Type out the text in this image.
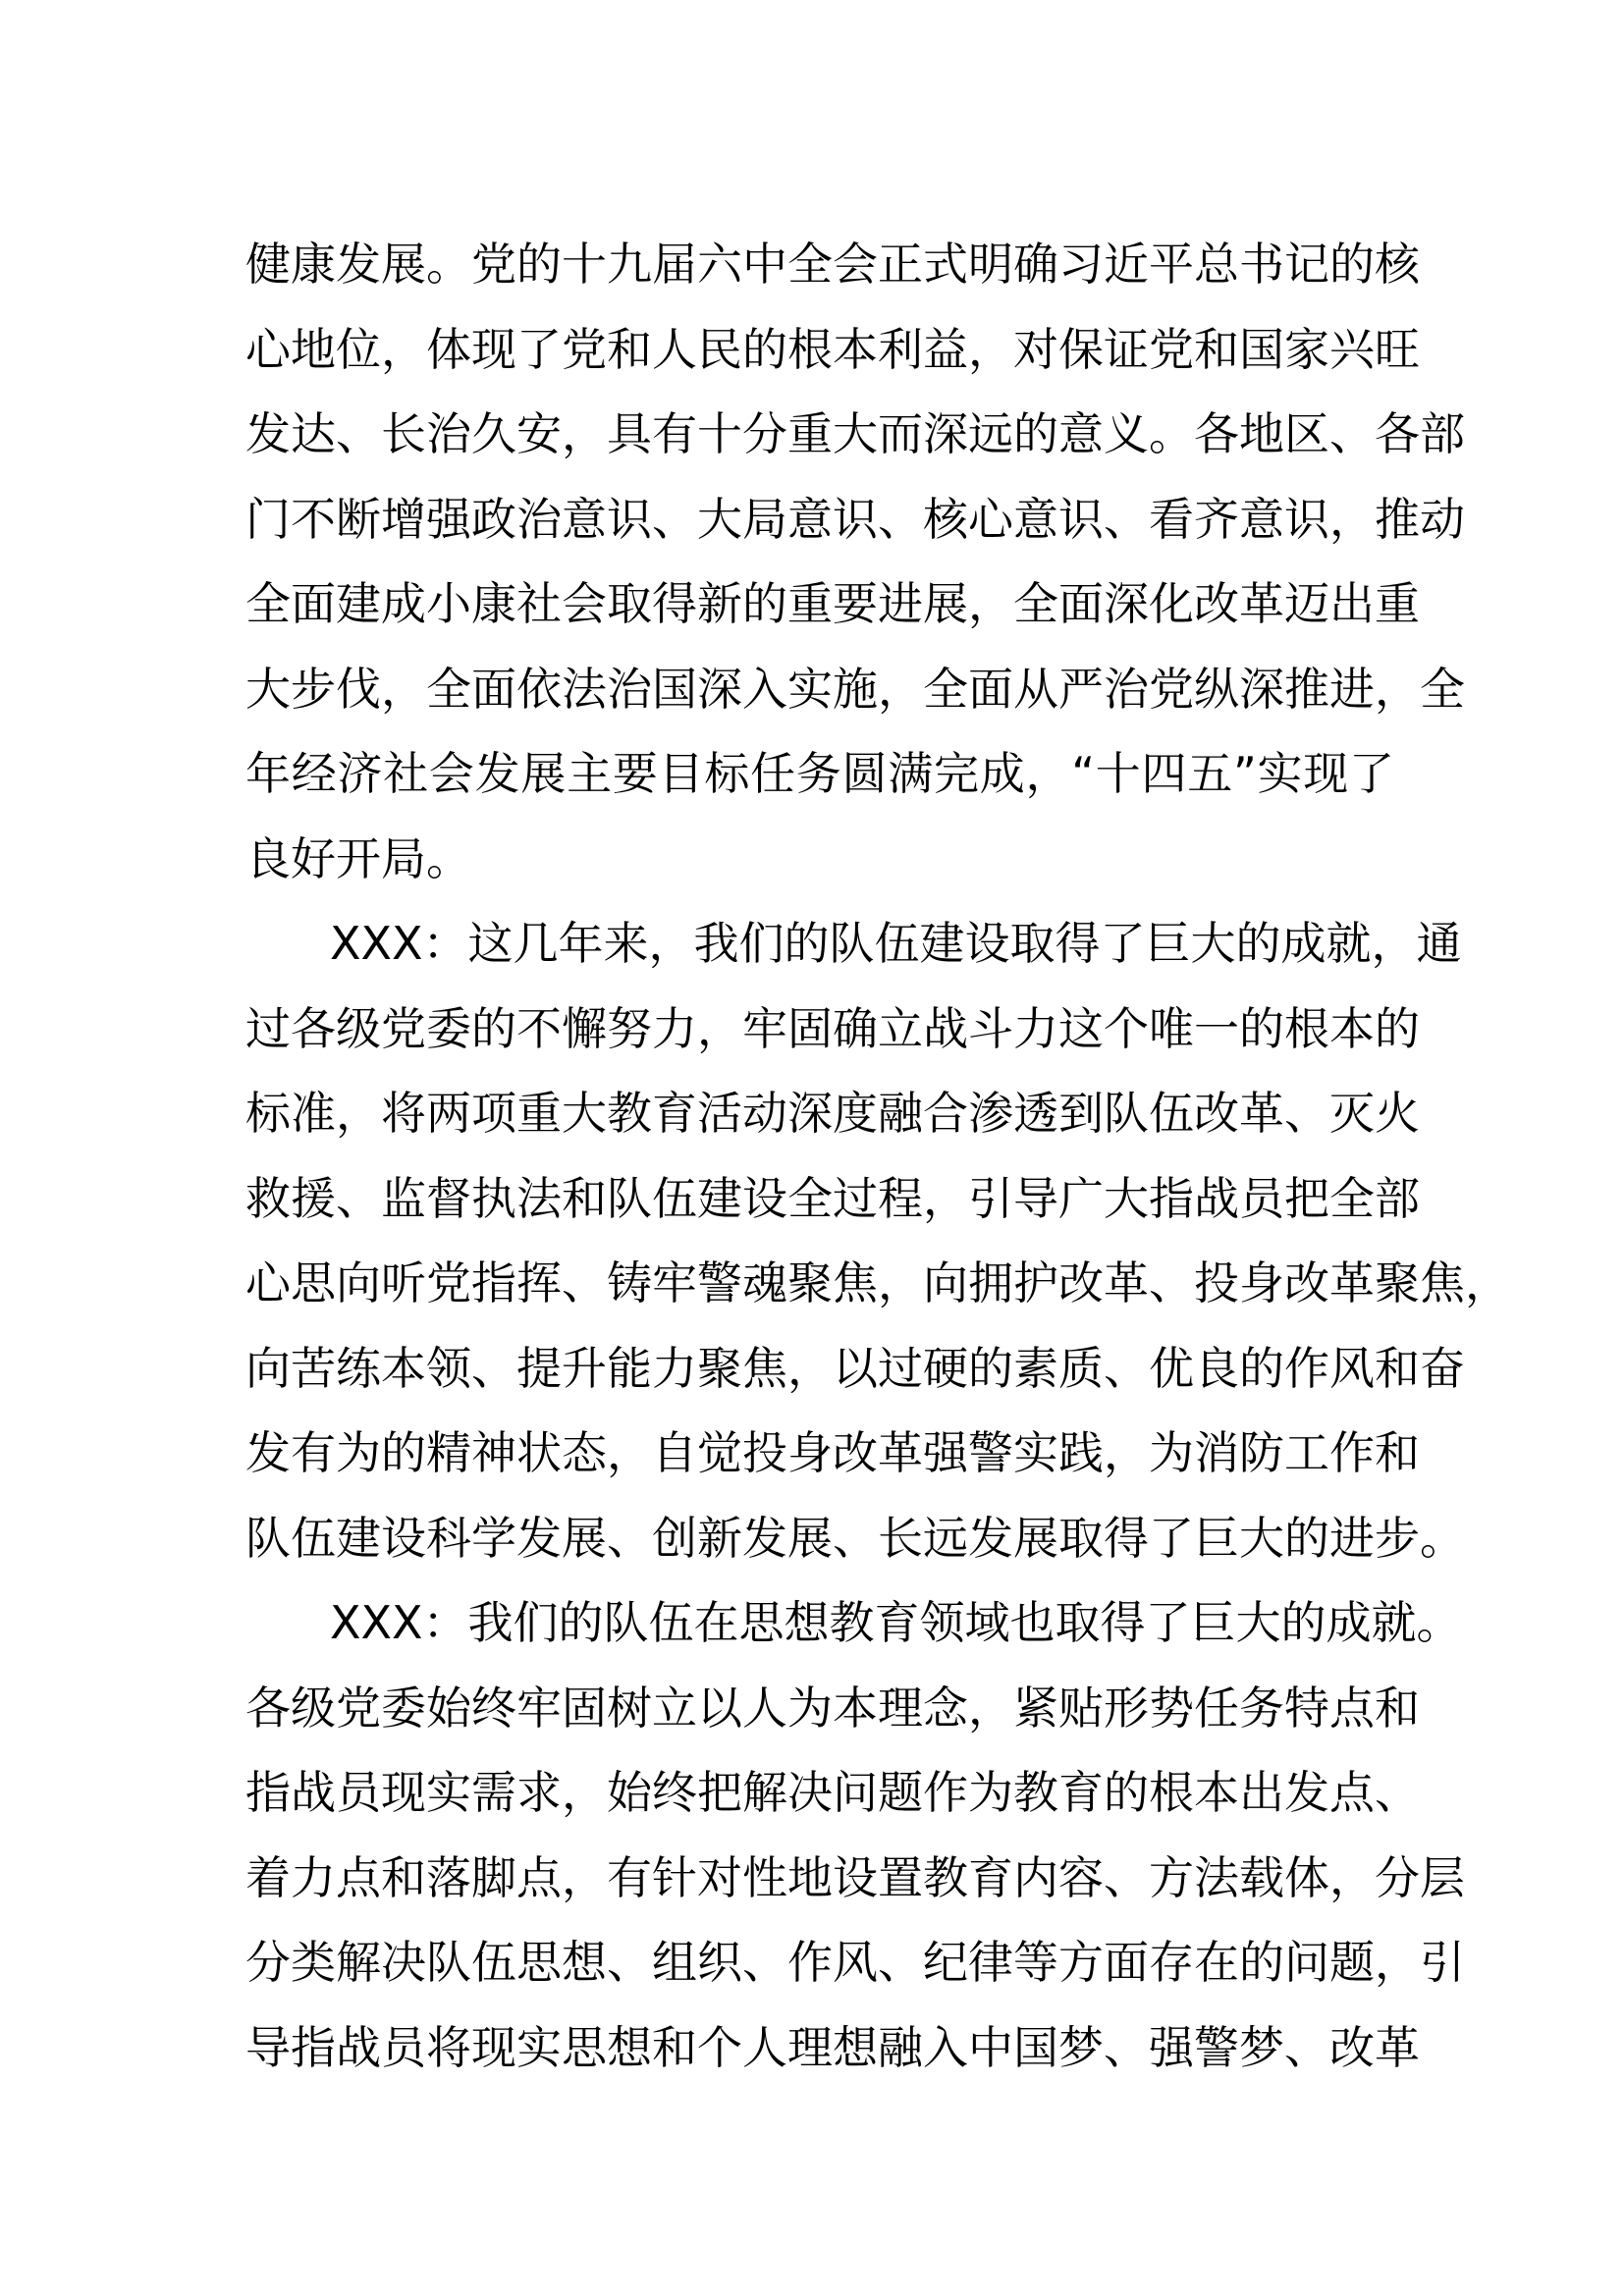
健康发展。党的十九届六中全会正式明确习近平总书记的核
心地位，体现了党和人民的根本利益，对保证党和国家兴旺
发达、长治久安，具有十分重大而深远的意义。各地区、各部
门不断增强政治意识、大局意识、核心意识、看齐意识，推动
全面建成小康社会取得新的重要进展，全面深化改革迈出重
大步伐，全面依法治国深入实施，全面从严治党纵深推进，全
年经济社会发展主要目标任务圆满完成，“十四五”实现了
良好开局。
XXX：这几年来，我们的队伍建设取得了巨大的成就，通
过各级党委的不懈努力，牢固确立战斗力这个唯一的根本的
标准，将两项重大教育活动深度融合渗透到队伍改革、灭火
救援、监督执法和队伍建设全过程，引导广大指战员把全部
心思向听党指挥、铸牢警魂聚焦，向拥护改革、投身改革聚焦，
向苦练本领、提升能力聚焦，以过硬的素质、优良的作风和奋
发有为的精神状态，自觉投身改革强警实践，为消防工作和
队伍建设科学发展、创新发展、长远发展取得了巨大的进步。
XXX：我们的队伍在思想教育领域也取得了巨大的成就。
各级党委始终牢固树立以人为本理念，紧贴形势任务特点和
指战员现实需求，始终把解决问题作为教育的根本出发点、
着力点和落脚点，有针对性地设置教育内容、方法载体，分层
分类解决队伍思想、组织、作风、纪律等方面存在的问题，引
导指战员将现实思想和个人理想融入中国梦、强警梦、改革
